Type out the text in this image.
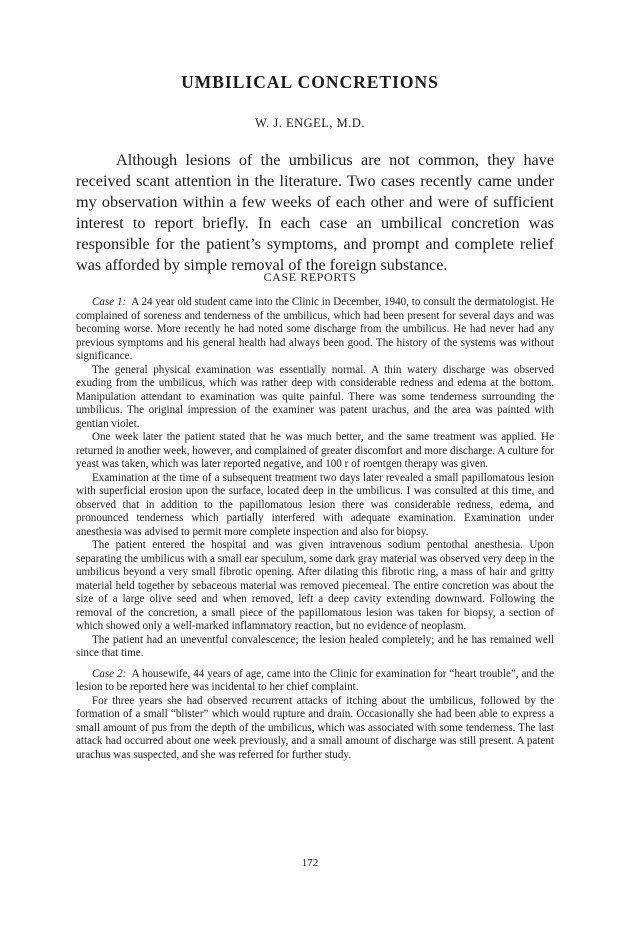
UMBILICAL CONCRETIONS
W. J. ENGEL, M.D.

Although lesions of the umbilicus are not common, they have received scant attention in the literature. Two cases recently came under my observation within a few weeks of each other and were of sufficient interest to report briefly. In each case an umbilical concretion was responsible for the patient’s symptoms, and prompt and complete relief was afforded by simple removal of the foreign substance.

CASE REPORTS

Case 1: A 24 year old student came into the Clinic in December, 1940, to consult the dermatologist. He complained of soreness and tenderness of the umbilicus, which had been present for several days and was becoming worse. More recently he had noted some discharge from the umbilicus. He had never had any previous symptoms and his general health had always been good. The history of the systems was without significance.

The general physical examination was essentially normal. A thin watery discharge was observed exuding from the umbilicus, which was rather deep with considerable redness and edema at the bottom. Manipulation attendant to examination was quite painful. There was some tenderness surrounding the umbilicus. The original impression of the examiner was patent urachus, and the area was painted with gentian violet.

One week later the patient stated that he was much better, and the same treatment was applied. He returned in another week, however, and complained of greater discomfort and more discharge. A culture for yeast was taken, which was later reported negative, and 100 r of roentgen therapy was given.

Examination at the time of a subsequent treatment two days later revealed a small papillomatous lesion with superficial erosion upon the surface, located deep in the umbilicus. I was consulted at this time, and observed that in addition to the papillomatous lesion there was considerable redness, edema, and pronounced tenderness which partially interfered with adequate examination. Examination under anesthesia was advised to permit more complete inspection and also for biopsy.

The patient entered the hospital and was given intravenous sodium pentothal anesthesia. Upon separating the umbilicus with a small ear speculum, some dark gray material was observed very deep in the umbilicus beyond a very small fibrotic opening. After dilating this fibrotic ring, a mass of hair and gritty material held together by sebaceous material was removed piecemeal. The entire concretion was about the size of a large olive seed and when removed, left a deep cavity extending downward. Following the removal of the concretion, a small piece of the papillomatous lesion was taken for biopsy, a section of which showed only a well-marked inflammatory reaction, but no evidence of neoplasm.

The patient had an uneventful convalescence; the lesion healed completely; and he has remained well since that time.

Case 2: A housewife, 44 years of age, came into the Clinic for examination for “heart trouble”, and the lesion to be reported here was incidental to her chief complaint.

For three years she had observed recurrent attacks of itching about the umbilicus, followed by the formation of a small “blister” which would rupture and drain. Occasionally she had been able to express a small amount of pus from the depth of the umbilicus, which was associated with some tenderness. The last attack had occurred about one week previously, and a small amount of discharge was still present. A patent urachus was suspected, and she was referred for further study.

172
